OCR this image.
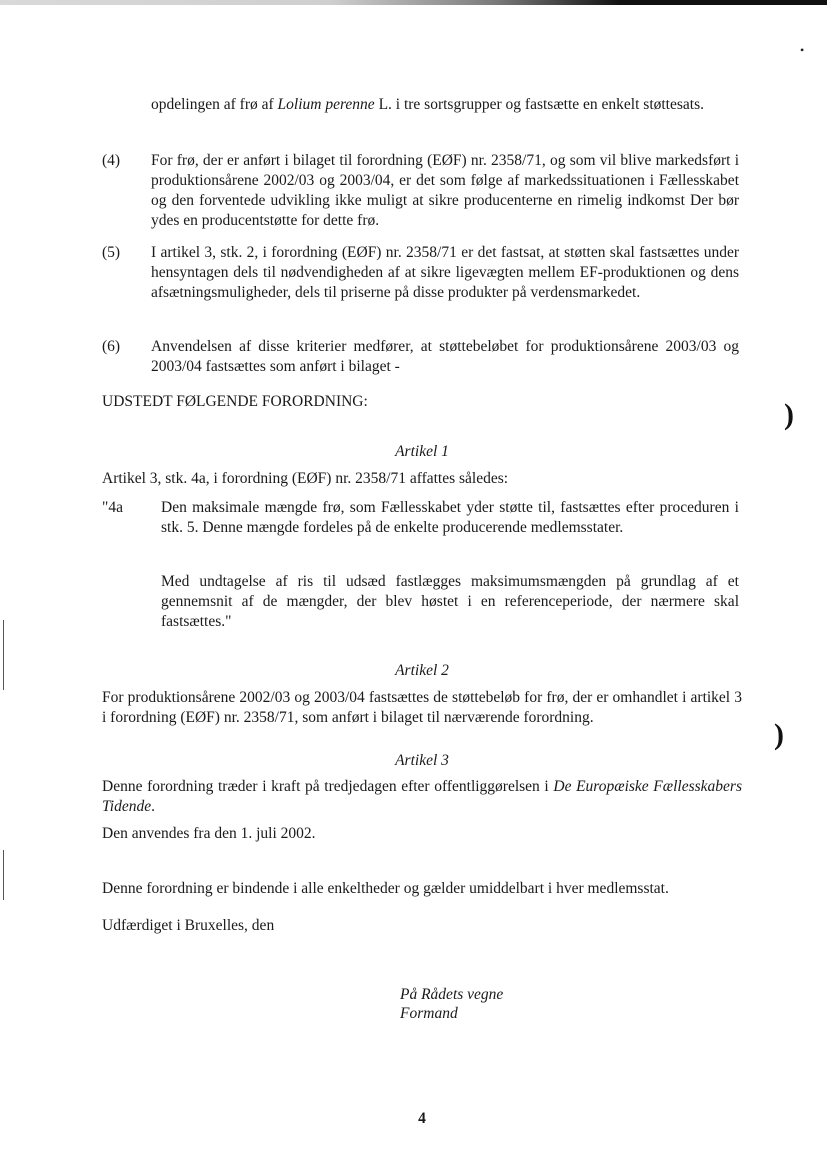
•
)
)
opdelingen af frø af Lolium perenne L. i tre sortsgrupper og fastsætte en enkelt støttesats.
(4) For frø, der er anført i bilaget til forordning (EØF) nr. 2358/71, og som vil blive markedsført i produktionsårene 2002/03 og 2003/04, er det som følge af markedssituationen i Fællesskabet og den forventede udvikling ikke muligt at sikre producenterne en rimelig indkomst Der bør ydes en producentstøtte for dette frø.
(5) I artikel 3, stk. 2, i forordning (EØF) nr. 2358/71 er det fastsat, at støtten skal fastsættes under hensyntagen dels til nødvendigheden af at sikre ligevægten mellem EF-produktionen og dens afsætningsmuligheder, dels til priserne på disse produkter på verdensmarkedet.
(6) Anvendelsen af disse kriterier medfører, at støttebeløbet for produktionsårene 2003/03 og 2003/04 fastsættes som anført i bilaget -
UDSTEDT FØLGENDE FORORDNING:
Artikel 1
Artikel 3, stk. 4a, i forordning (EØF) nr. 2358/71 affattes således:
"4a Den maksimale mængde frø, som Fællesskabet yder støtte til, fastsættes efter proceduren i stk. 5. Denne mængde fordeles på de enkelte producerende medlemsstater.
Med undtagelse af ris til udsæd fastlægges maksimumsmængden på grundlag af et gennemsnit af de mængder, der blev høstet i en referenceperiode, der nærmere skal fastsættes."
Artikel 2
For produktionsårene 2002/03 og 2003/04 fastsættes de støttebeløb for frø, der er omhandlet i artikel 3 i forordning (EØF) nr. 2358/71, som anført i bilaget til nærværende forordning.
Artikel 3
Denne forordning træder i kraft på tredjedagen efter offentliggørelsen i De Europæiske Fællesskabers Tidende.
Den anvendes fra den 1. juli 2002.
Denne forordning er bindende i alle enkeltheder og gælder umiddelbart i hver medlemsstat.
Udfærdiget i Bruxelles, den
På Rådets vegne
Formand
4
